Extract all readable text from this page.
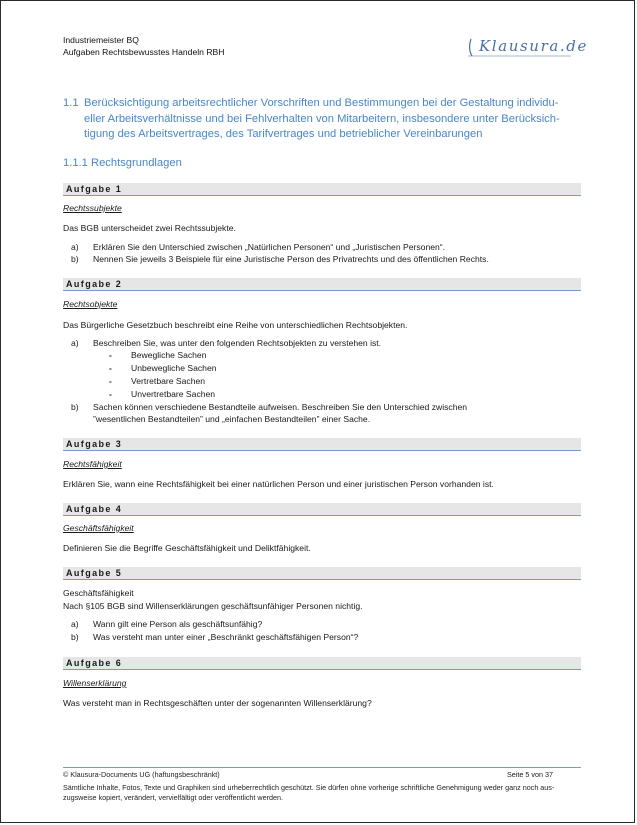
Industriemeister BQ
Aufgaben Rechtsbewusstes Handeln RBH	Klausura.de
1.1 Berücksichtigung arbeitsrechtlicher Vorschriften und Bestimmungen bei der Gestaltung individu-
eller Arbeitsverhältnisse und bei Fehlverhalten von Mitarbeitern, insbesondere unter Berücksich-
tigung des Arbeitsvertrages, des Tarifvertrages und betrieblicher Vereinbarungen
1.1.1 Rechtsgrundlagen
Aufgabe 1
Rechtssubjekte
Das BGB unterscheidet zwei Rechtssubjekte.
a) Erklären Sie den Unterschied zwischen „Natürlichen Personen“ und „Juristischen Personen“.
b) Nennen Sie jeweils 3 Beispiele für eine Juristische Person des Privatrechts und des öffentlichen Rechts.
Aufgabe 2
Rechtsobjekte
Das Bürgerliche Gesetzbuch beschreibt eine Reihe von unterschiedlichen Rechtsobjekten.
a) Beschreiben Sie, was unter den folgenden Rechtsobjekten zu verstehen ist.
- Bewegliche Sachen
- Unbewegliche Sachen
- Vertretbare Sachen
- Unvertretbare Sachen
b) Sachen können verschiedene Bestandteile aufweisen. Beschreiben Sie den Unterschied zwischen
”wesentlichen Bestandteilen” und „einfachen Bestandteilen” einer Sache.
Aufgabe 3
Rechtsfähigkeit
Erklären Sie, wann eine Rechtsfähigkeit bei einer natürlichen Person und einer juristischen Person vorhanden ist.
Aufgabe 4
Geschäftsfähigkeit
Definieren Sie die Begriffe Geschäftsfähigkeit und Deliktfähigkeit.
Aufgabe 5
Geschäftsfähigkeit
Nach §105 BGB sind Willenserklärungen geschäftsunfähiger Personen nichtig.
a) Wann gilt eine Person als geschäftsunfähig?
b) Was versteht man unter einer „Beschränkt geschäftsfähigen Person“?
Aufgabe 6
Willenserklärung
Was versteht man in Rechtsgeschäften unter der sogenannten Willenserklärung?
© Klausura-Documents UG (haftungsbeschränkt)	Seite 5 von 37
Sämtliche Inhalte, Fotos, Texte und Graphiken sind urheberrechtlich geschützt. Sie dürfen ohne vorherige schriftliche Genehmigung weder ganz noch aus-
zugsweise kopiert, verändert, vervielfältigt oder veröffentlicht werden.
